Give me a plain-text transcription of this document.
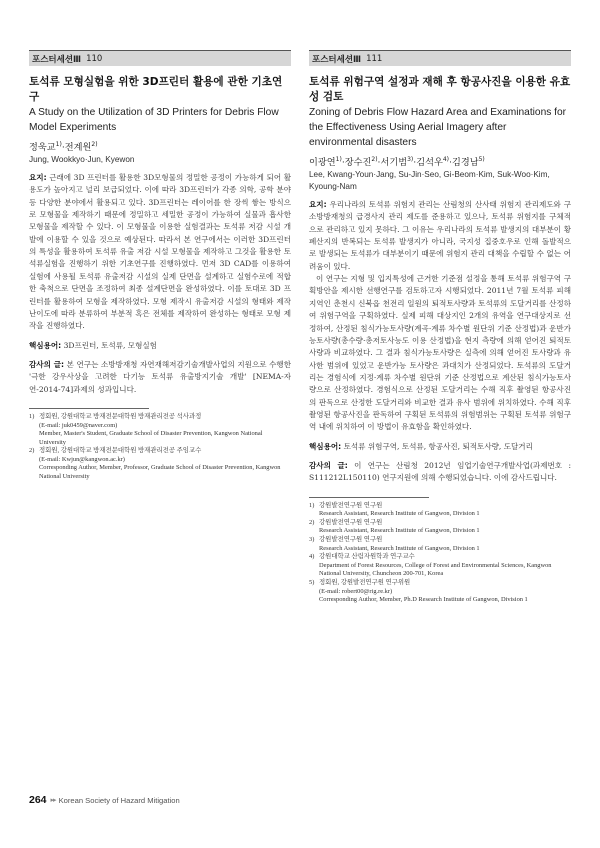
포스터세션Ⅲ 110
토석류 모형실험을 위한 3D프린터 활용에 관한 기초연구
A Study on the Utilization of 3D Printers for Debris Flow Model Experiments
정욱교$^{1)}$·전계원$^{2)}$
Jung, Wookkyo·Jun, Kyewon

요지: 근래에 3D 프린터를 활용한 3D모형물의 정밀한 공정이 가능하게 되어 활용도가 높아지고 널리 보급되었다. 이에 따라 3D프린터가 각종 의학, 공학 분야 등 다양한 분야에서 활용되고 있다. 3D프린터는 레이어를 한 장씩 쌓는 방식으로 모형물을 제작하기 때문에 정밀하고 세밀한 공정이 가능하여 실물과 흡사한 모형물을 제작할 수 있다. 이 모형물을 이용한 실험결과는 토석류 저감 시설 개발에 이용할 수 있을 것으로 예상된다. 따라서 본 연구에서는 이러한 3D프린터의 특성을 활용하여 토석류 유출 저감 시설 모형물을 제작하고 그것을 활용한 토석류실험을 진행하기 위한 기초연구를 진행하였다. 먼저 3D CAD를 이용하여 실험에 사용될 토석류 유출저감 시설의 실제 단면을 설계하고 실험수로에 적합한 축척으로 단면을 조정하여 최종 설계단면을 완성하였다. 이를 토대로 3D 프린터를 활용하여 모형을 제작하였다. 모형 제작시 유출저감 시설의 형태와 제작 난이도에 따라 분류하여 부분적 혹은 전체를 제작하여 완성하는 형태로 모형 제작을 진행하였다.

핵심용어: 3D프린터, 토석류, 모형실험

감사의 글: 본 연구는 소방방재청 자연재해저감기술개발사업의 지원으로 수행한 '극한 강우사상을 고려한 다기능 토석류 유출방지기술 개발' [NEMA-자연-2014-74]과제의 성과입니다.

1) 정회원, 강원대학교 방재전문대학원 방재관리전공 석사과정
(E-mail: juk0459@naver.com)
Member, Master's Student, Graduate School of Disaster Prevention, Kangwon National University
2) 정회원, 강원대학교 방재전문대학원 방재관리전공 주임교수
(E-mail: Kwjun@kangwon.ac.kr)
Corresponding Author, Member, Professor, Graduate School of Disaster Prevention, Kangwon National University
포스터세션Ⅲ 111
토석류 위험구역 설정과 재해 후 항공사진을 이용한 유효성 검토
Zoning of Debris Flow Hazard Area and Examinations for the Effectiveness Using Aerial Imagery after environmental disasters
이광연$^{1)}$·장수진$^{2)}$·서기범$^{3)}$·김석우$^{4)}$·김경남$^{5)}$
Lee, Kwang-Youn·Jang, Su-Jin·Seo, Gi-Beom·Kim, Suk-Woo·Kim, Kyoung-Nam

요지: 우리나라의 토석류 위험지 관리는 산림청의 산사태 위험지 관리제도와 구 소방방재청의 급경사지 관리 제도를 준용하고 있으나, 토석류 위험지를 구체적으로 관리하고 있지 못하다. 그 이유는 우리나라의 토석류 발생지의 대부분이 황폐산지의 반복되는 토석류 발생지가 아니라, 국지성 집중호우로 인해 돌발적으로 발생되는 토석류가 대부분이기 때문에 위험지 관리 대책을 수립할 수 없는 어려움이 있다.

이 연구는 지형 및 입지특성에 근거한 기준점 설정을 통해 토석류 위험구역 구획방안을 제시한 선행연구를 검토하고자 시행되었다. 2011년 7월 토석류 피해지역인 춘천시 신북읍 천전리 일원의 퇴적토사량과 토석류의 도달거리를 산정하여 위험구역을 구획하였다. 실제 피해 대상지인 2개의 유역을 연구대상지로 선정하여, 산정된 침식가능토사량(계곡·계류 차수별 원단위 기준 산정법)과 운반가능토사량(총수량·총저토사능도 이용 산정법)을 현지 측량에 의해 얻어진 퇴적토사량과 비교하였다. 그 결과 침식가능토사량은 실측에 의해 얻어진 토사량과 유사한 범위에 있었고 운반가능 토사량은 과대치가 산정되었다. 토석류의 도달거리는 경험식에 지정·계류 차수별 원단위 기준 산정법으로 계산된 침식가능토사량으로 산정하였다. 경험식으로 산정된 도달거리는 수해 직후 촬영된 항공사진의 판독으로 산정한 도달거리와 비교한 결과 유사 범위에 위치하였다. 수해 직후 촬영된 항공사진을 판독하여 구획된 토석류의 위험범위는 구획된 토석류 위험구역 내에 위치하여 이 방법이 유효함을 확인하였다.

핵심용어: 토석류 위험구역, 토석류, 항공사진, 퇴적토사량, 도달거리

감사의 글: 이 연구는 산림청 2012년 임업기술연구개발사업(과제번호 : S111212L150110) 연구지원에 의해 수행되었습니다. 이에 감사드립니다.

1) 강원발전연구원 연구원
Research Assistant, Research Institute of Gangwon, Division 1
2) 강원발전연구원 연구원
Research Assistant, Research Institute of Gangwon, Division 1
3) 강원발전연구원 연구원
Research Assistant, Research Institute of Gangwon, Division 1
4) 강원대학교 산림자원학과 연구교수
Department of Forest Resources, College of Forest and Environmental Sciences, Kangwon National University, Chuncheon 200-701, Korea
5) 정회원, 강원발전연구원 연구위원
(E-mail: robert00@rig.re.kr)
Corresponding Author, Member, Ph.D Research Institute of Gangwon, Division 1
264 ▸▸ Korean Society of Hazard Mitigation
